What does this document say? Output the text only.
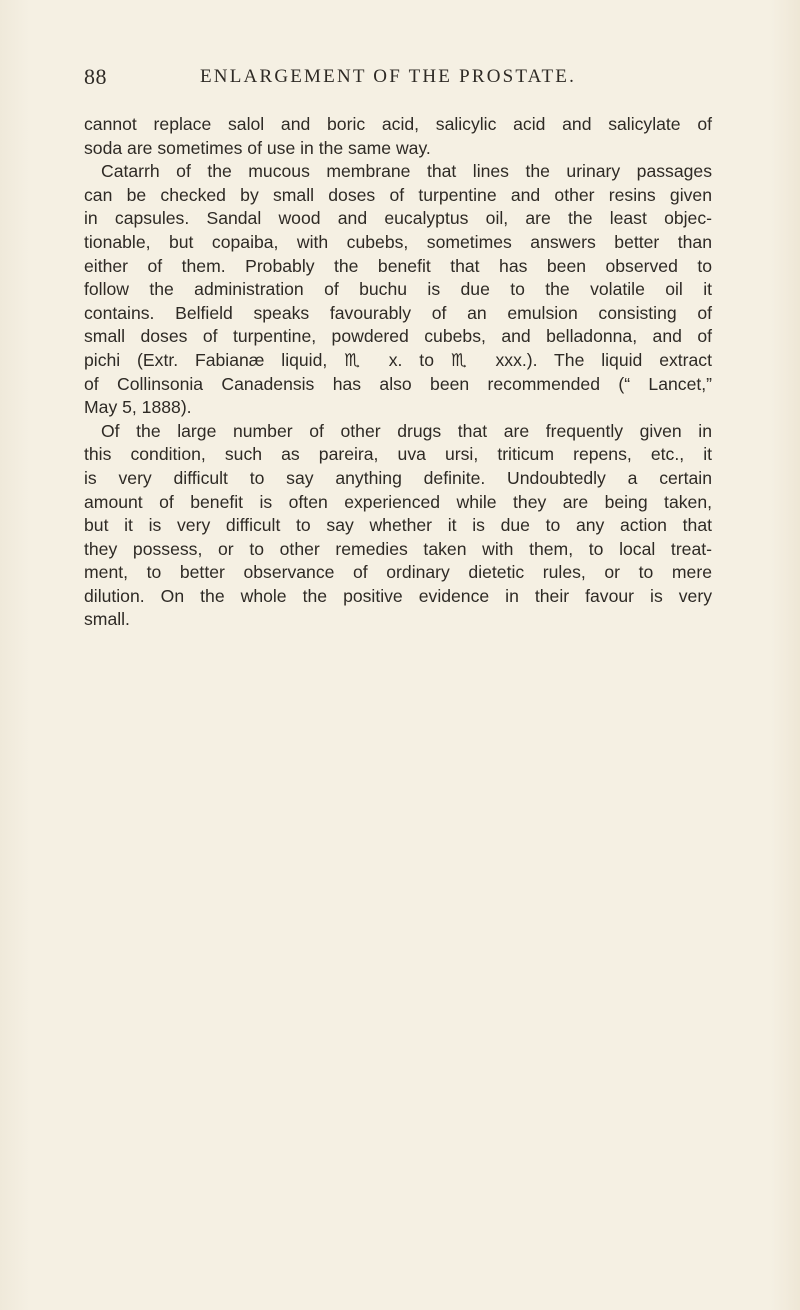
88	ENLARGEMENT OF THE PROSTATE.
cannot replace salol and boric acid, salicylic acid and salicylate of
soda are sometimes of use in the same way.
Catarrh of the mucous membrane that lines the urinary passages
can be checked by small doses of turpentine and other resins given
in capsules. Sandal wood and eucalyptus oil, are the least objec-
tionable, but copaiba, with cubebs, sometimes answers better than
either of them. Probably the benefit that has been observed to
follow the administration of buchu is due to the volatile oil it
contains. Belfield speaks favourably of an emulsion consisting of
small doses of turpentine, powdered cubebs, and belladonna, and of
pichi (Extr. Fabianæ liquid, ♏ x. to ♏ xxx.). The liquid extract
of Collinsonia Canadensis has also been recommended (“ Lancet,”
May 5, 1888).
Of the large number of other drugs that are frequently given in
this condition, such as pareira, uva ursi, triticum repens, etc., it
is very difficult to say anything definite. Undoubtedly a certain
amount of benefit is often experienced while they are being taken,
but it is very difficult to say whether it is due to any action that
they possess, or to other remedies taken with them, to local treat-
ment, to better observance of ordinary dietetic rules, or to mere
dilution. On the whole the positive evidence in their favour is very
small.
